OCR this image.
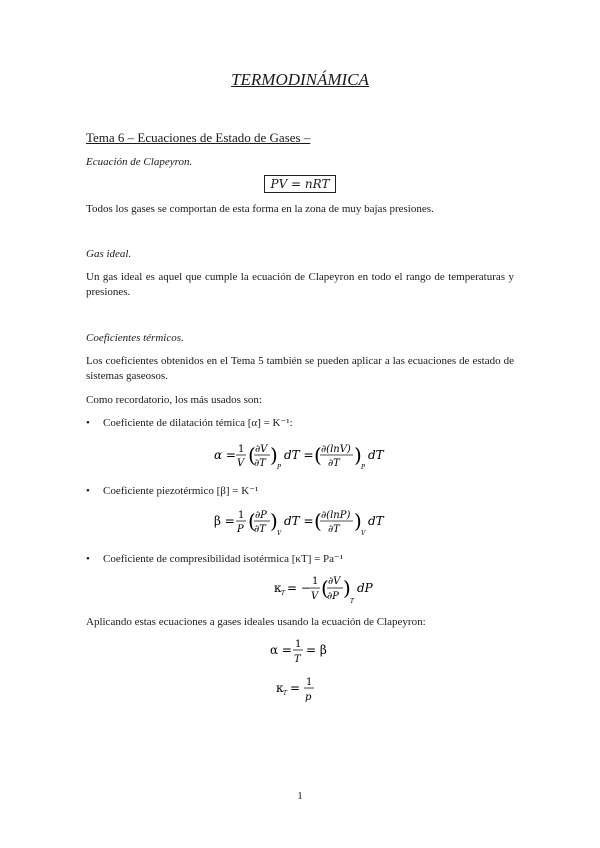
TERMODINÁMICA
Tema 6 – Ecuaciones de Estado de Gases –
Ecuación de Clapeyron.
PV = nRT
Todos los gases se comportan de esta forma en la zona de muy bajas presiones.
Gas ideal.
Un gas ideal es aquel que cumple la ecuación de Clapeyron en todo el rango de temperaturas y presiones.
Coeficientes térmicos.
Los coeficientes obtenidos en el Tema 5 también se pueden aplicar a las ecuaciones de estado de sistemas gaseosos.
Como recordatorio, los más usados son:
• Coeficiente de dilatación témica [α] = K⁻¹:
α = 1
V ( ∂V
∂T )
P
dT = ( ∂(lnV)
∂T )
P
dT
• Coeficiente piezotérmico [β] = K⁻¹
β = 1
P ( ∂P
∂T )
V
dT = ( ∂(lnP)
∂T )
V
dT
• Coeficiente de compresibilidad isotérmica [κT] = Pa⁻¹
κ T = − 1
V ( ∂V
∂P )
T
dP
Aplicando estas ecuaciones a gases ideales usando la ecuación de Clapeyron:
α = 1
T
= β
κ T = 1
p
1
